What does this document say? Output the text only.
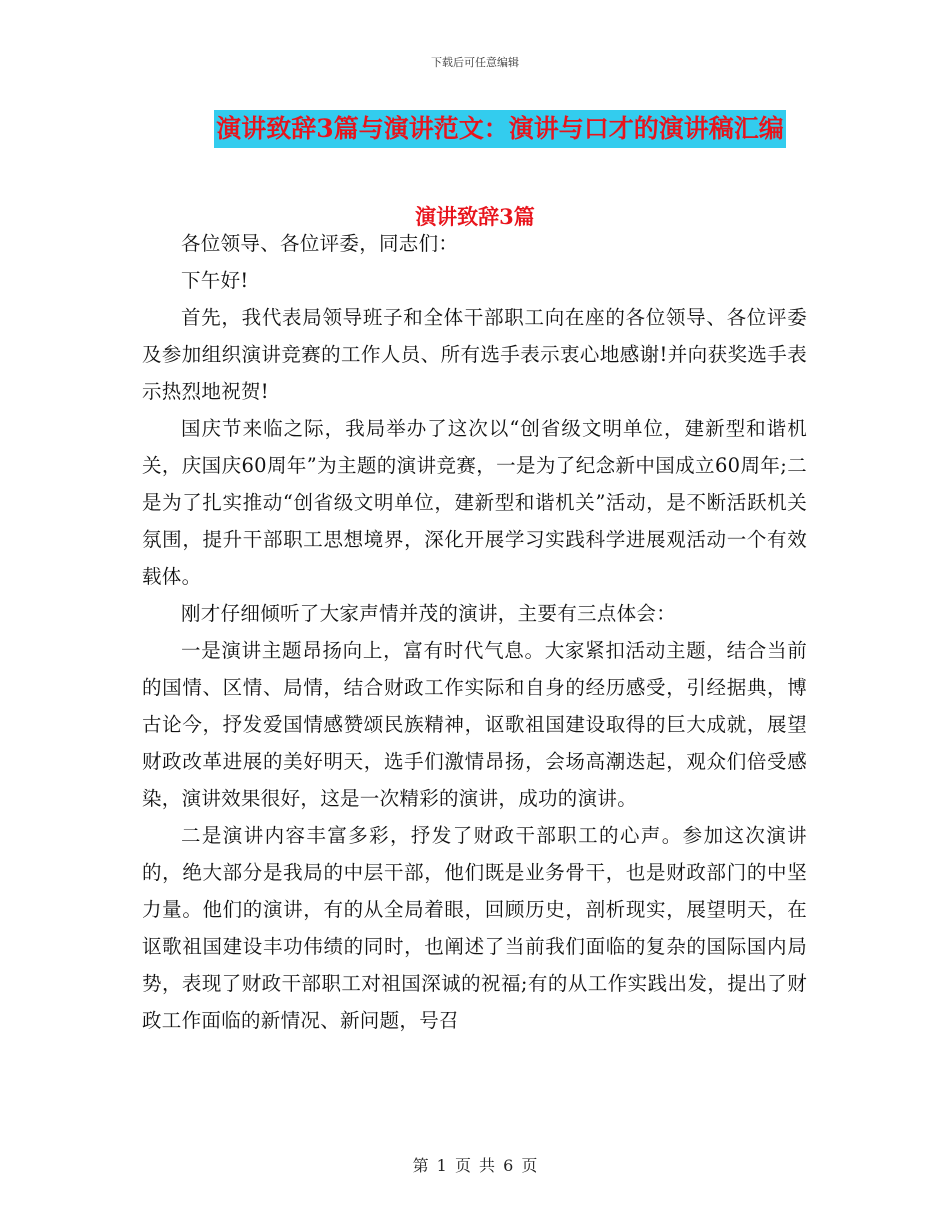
下载后可任意编辑
演讲致辞3篇与演讲范文：演讲与口才的演讲稿汇编
演讲致辞3篇

各位领导、各位评委，同志们：

下午好!

首先，我代表局领导班子和全体干部职工向在座的各位领导、各位评委及参加组织演讲竞赛的工作人员、所有选手表示衷心地感谢!并向获奖选手表示热烈地祝贺!

国庆节来临之际，我局举办了这次以“创省级文明单位，建新型和谐机关，庆国庆60周年”为主题的演讲竞赛，一是为了纪念新中国成立60周年;二是为了扎实推动“创省级文明单位，建新型和谐机关”活动，是不断活跃机关氛围，提升干部职工思想境界，深化开展学习实践科学进展观活动一个有效载体。

刚才仔细倾听了大家声情并茂的演讲，主要有三点体会：

一是演讲主题昂扬向上，富有时代气息。大家紧扣活动主题，结合当前的国情、区情、局情，结合财政工作实际和自身的经历感受，引经据典，博古论今，抒发爱国情感赞颂民族精神，讴歌祖国建设取得的巨大成就，展望财政改革进展的美好明天，选手们激情昂扬，会场高潮迭起，观众们倍受感染，演讲效果很好，这是一次精彩的演讲，成功的演讲。

二是演讲内容丰富多彩，抒发了财政干部职工的心声。参加这次演讲的，绝大部分是我局的中层干部，他们既是业务骨干，也是财政部门的中坚力量。他们的演讲，有的从全局着眼，回顾历史，剖析现实，展望明天，在讴歌祖国建设丰功伟绩的同时，也阐述了当前我们面临的复杂的国际国内局势，表现了财政干部职工对祖国深诚的祝福;有的从工作实践出发，提出了财政工作面临的新情况、新问题，号召

第 1 页 共 6 页
